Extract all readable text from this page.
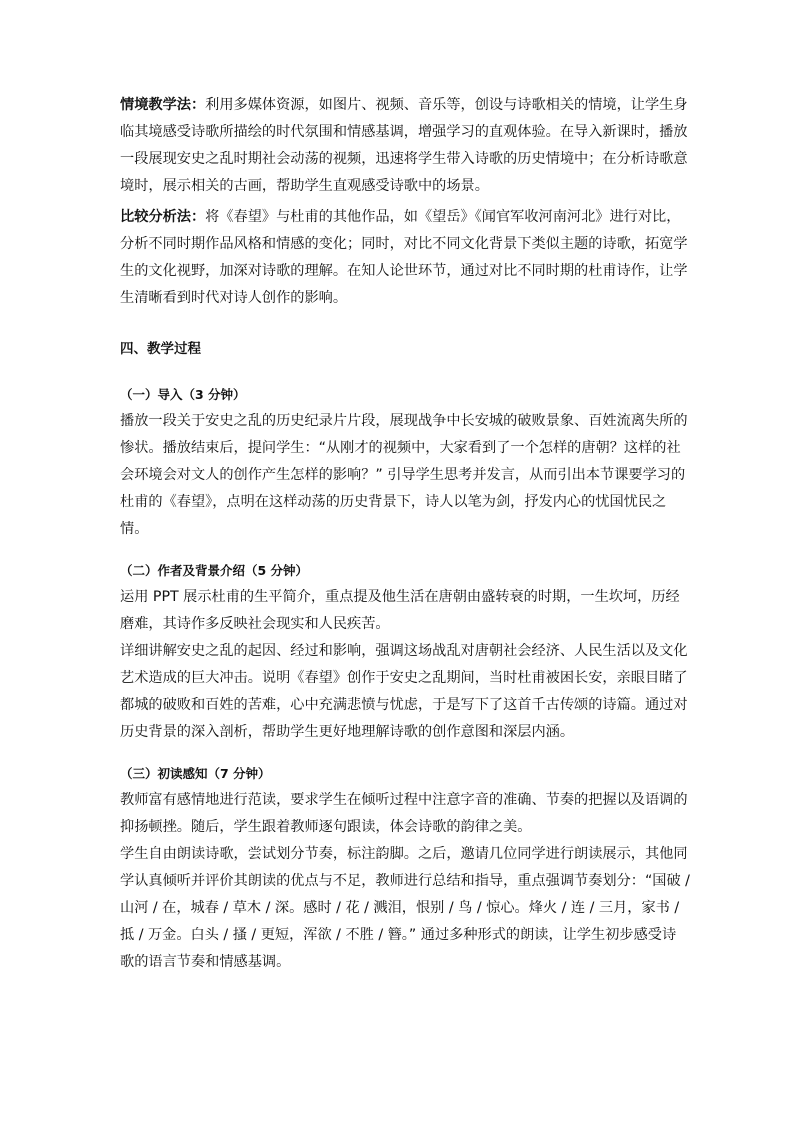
情境教学法：利用多媒体资源，如图片、视频、音乐等，创设与诗歌相关的情境，让学生身临其境感受诗歌所描绘的时代氛围和情感基调，增强学习的直观体验。在导入新课时，播放一段展现安史之乱时期社会动荡的视频，迅速将学生带入诗歌的历史情境中；在分析诗歌意境时，展示相关的古画，帮助学生直观感受诗歌中的场景。

比较分析法：将《春望》与杜甫的其他作品，如《望岳》《闻官军收河南河北》进行对比，分析不同时期作品风格和情感的变化；同时，对比不同文化背景下类似主题的诗歌，拓宽学生的文化视野，加深对诗歌的理解。在知人论世环节，通过对比不同时期的杜甫诗作，让学生清晰看到时代对诗人创作的影响。

四、教学过程

（一）导入（3 分钟）

播放一段关于安史之乱的历史纪录片片段，展现战争中长安城的破败景象、百姓流离失所的惨状。播放结束后，提问学生：“从刚才的视频中，大家看到了一个怎样的唐朝？这样的社会环境会对文人的创作产生怎样的影响？” 引导学生思考并发言，从而引出本节课要学习的杜甫的《春望》，点明在这样动荡的历史背景下，诗人以笔为剑，抒发内心的忧国忧民之情。

（二）作者及背景介绍（5 分钟）

运用 PPT 展示杜甫的生平简介，重点提及他生活在唐朝由盛转衰的时期，一生坎坷，历经磨难，其诗作多反映社会现实和人民疾苦。

详细讲解安史之乱的起因、经过和影响，强调这场战乱对唐朝社会经济、人民生活以及文化艺术造成的巨大冲击。说明《春望》创作于安史之乱期间，当时杜甫被困长安，亲眼目睹了都城的破败和百姓的苦难，心中充满悲愤与忧虑，于是写下了这首千古传颂的诗篇。通过对历史背景的深入剖析，帮助学生更好地理解诗歌的创作意图和深层内涵。

（三）初读感知（7 分钟）

教师富有感情地进行范读，要求学生在倾听过程中注意字音的准确、节奏的把握以及语调的抑扬顿挫。随后，学生跟着教师逐句跟读，体会诗歌的韵律之美。

学生自由朗读诗歌，尝试划分节奏，标注韵脚。之后，邀请几位同学进行朗读展示，其他同学认真倾听并评价其朗读的优点与不足，教师进行总结和指导，重点强调节奏划分：“国破 / 山河 / 在，城春 / 草木 / 深。感时 / 花 / 溅泪，恨别 / 鸟 / 惊心。烽火 / 连 / 三月，家书 / 抵 / 万金。白头 / 搔 / 更短，浑欲 / 不胜 / 簪。” 通过多种形式的朗读，让学生初步感受诗歌的语言节奏和情感基调。
